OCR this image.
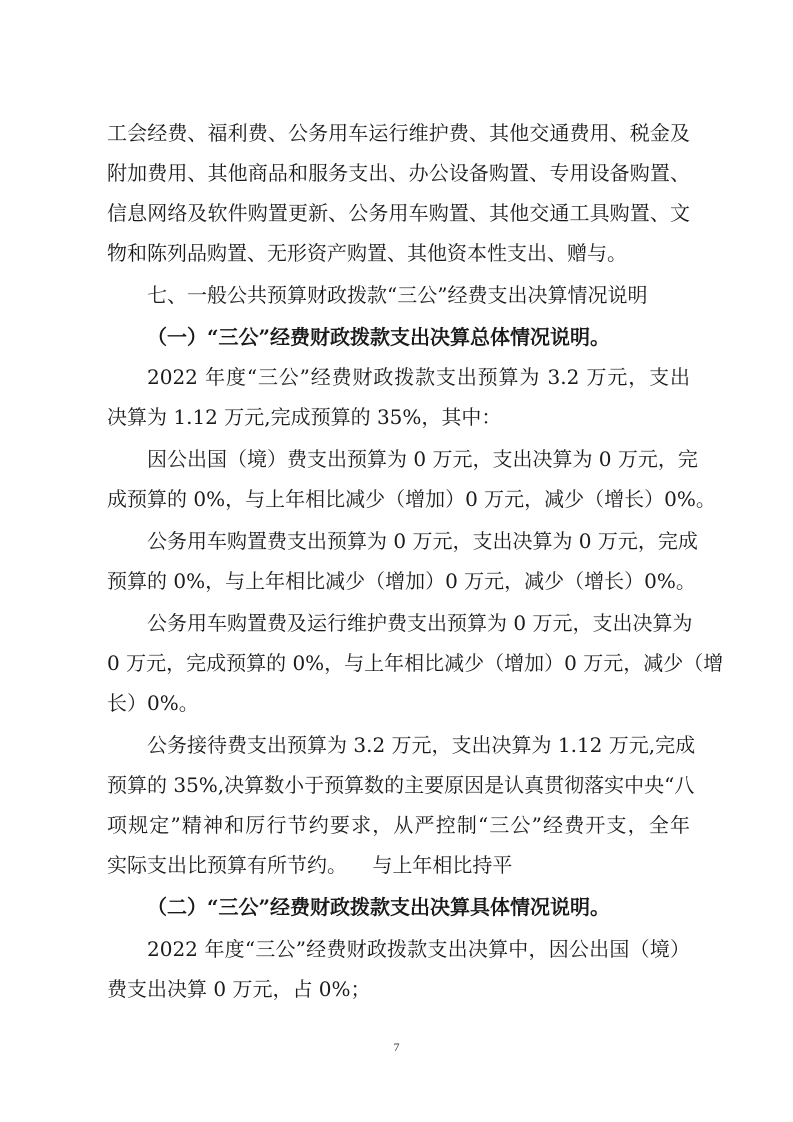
工会经费、福利费、公务用车运行维护费、其他交通费用、税金及
附加费用、其他商品和服务支出、办公设备购置、专用设备购置、
信息网络及软件购置更新、公务用车购置、其他交通工具购置、文
物和陈列品购置、无形资产购置、其他资本性支出、赠与。
七、一般公共预算财政拨款“三公”经费支出决算情况说明
（一）“三公”经费财政拨款支出决算总体情况说明。
2022 年度“三公”经费财政拨款支出预算为 3.2 万元，支出
决算为 1.12 万元,完成预算的 35%，其中：
因公出国（境）费支出预算为 0 万元，支出决算为 0 万元，完
成预算的 0%，与上年相比减少（增加）0 万元，减少（增长）0%。
公务用车购置费支出预算为 0 万元，支出决算为 0 万元，完成
预算的 0%，与上年相比减少（增加）0 万元，减少（增长）0%。
公务用车购置费及运行维护费支出预算为 0 万元，支出决算为
0 万元，完成预算的 0%，与上年相比减少（增加）0 万元，减少（增
长）0%。
公务接待费支出预算为 3.2 万元，支出决算为 1.12 万元,完成
预算的 35%,决算数小于预算数的主要原因是认真贯彻落实中央“八
项规定”精神和厉行节约要求，从严控制“三公”经费开支，全年
实际支出比预算有所节约。    与上年相比持平
（二）“三公”经费财政拨款支出决算具体情况说明。
2022 年度“三公”经费财政拨款支出决算中，因公出国（境）
费支出决算 0 万元，占 0%；
7
